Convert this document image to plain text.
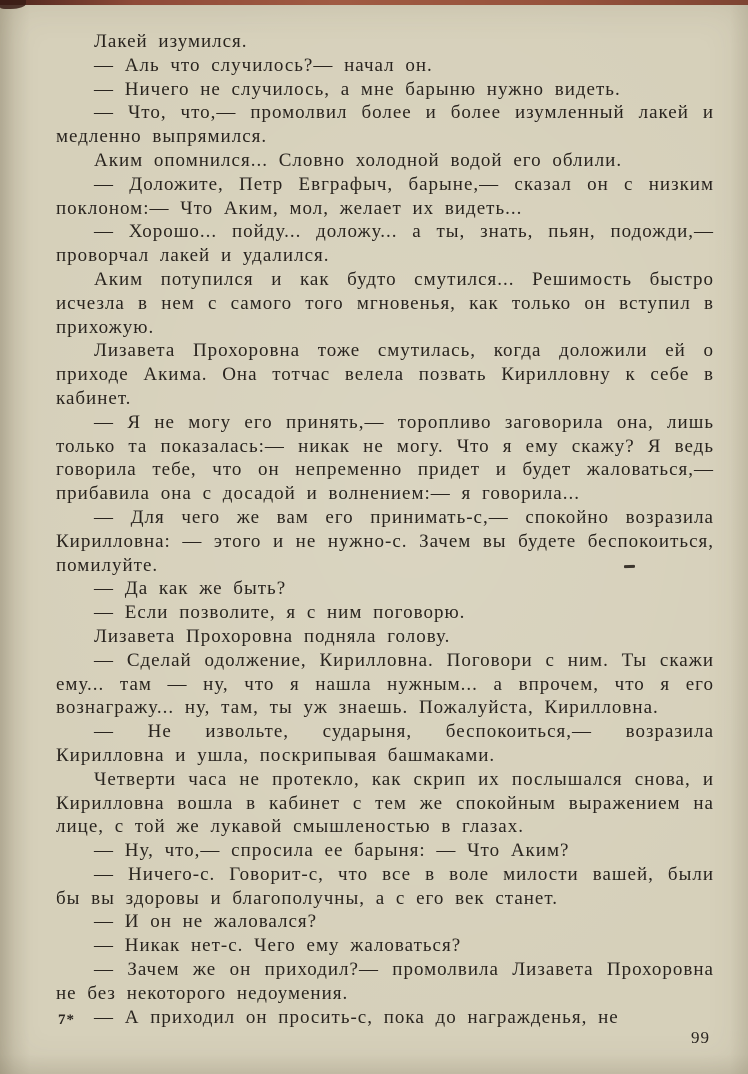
Лакей изумился.

— Аль что случилось?— начал он.

— Ничего не случилось, а мне барыню нужно видеть.

— Что, что,— промолвил более и более изумленный лакей и медленно выпрямился.

Аким опомнился... Словно холодной водой его облили.

— Доложите, Петр Евграфыч, барыне,— сказал он с низким поклоном:— Что Аким, мол, желает их видеть...

— Хорошо... пойду... доложу... а ты, знать, пьян, подожди,— проворчал лакей и удалился.

Аким потупился и как будто смутился... Решимость быстро исчезла в нем с самого того мгновенья, как только он вступил в прихожую.

Лизавета Прохоровна тоже смутилась, когда доложили ей о приходе Акима. Она тотчас велела позвать Кирилловну к себе в кабинет.

— Я не могу его принять,— торопливо заговорила она, лишь только та показалась:— никак не могу. Что я ему скажу? Я ведь говорила тебе, что он непременно придет и будет жаловаться,— прибавила она с досадой и волнением:— я говорила...

— Для чего же вам его принимать-с,— спокойно возразила Кирилловна: — этого и не нужно-с. Зачем вы будете беспокоиться, помилуйте.

— Да как же быть?

— Если позволите, я с ним поговорю.

Лизавета Прохоровна подняла голову.

— Сделай одолжение, Кирилловна. Поговори с ним. Ты скажи ему... там — ну, что я нашла нужным... а впрочем, что я его вознагражу... ну, там, ты уж знаешь. Пожалуйста, Кирилловна.

— Не извольте, сударыня, беспокоиться,— возразила Кирилловна и ушла, поскрипывая башмаками.

Четверти часа не протекло, как скрип их послышался снова, и Кирилловна вошла в кабинет с тем же спокойным выражением на лице, с той же лукавой смышленостью в глазах.

— Ну, что,— спросила ее барыня: — Что Аким?

— Ничего-с. Говорит-с, что все в воле милости вашей, были бы вы здоровы и благополучны, а с его век станет.

— И он не жаловался?

— Никак нет-с. Чего ему жаловаться?

— Зачем же он приходил?— промолвила Лизавета Прохоровна не без некоторого недоумения.

— А приходил он просить-с, пока до награжденья, не

7*
99
